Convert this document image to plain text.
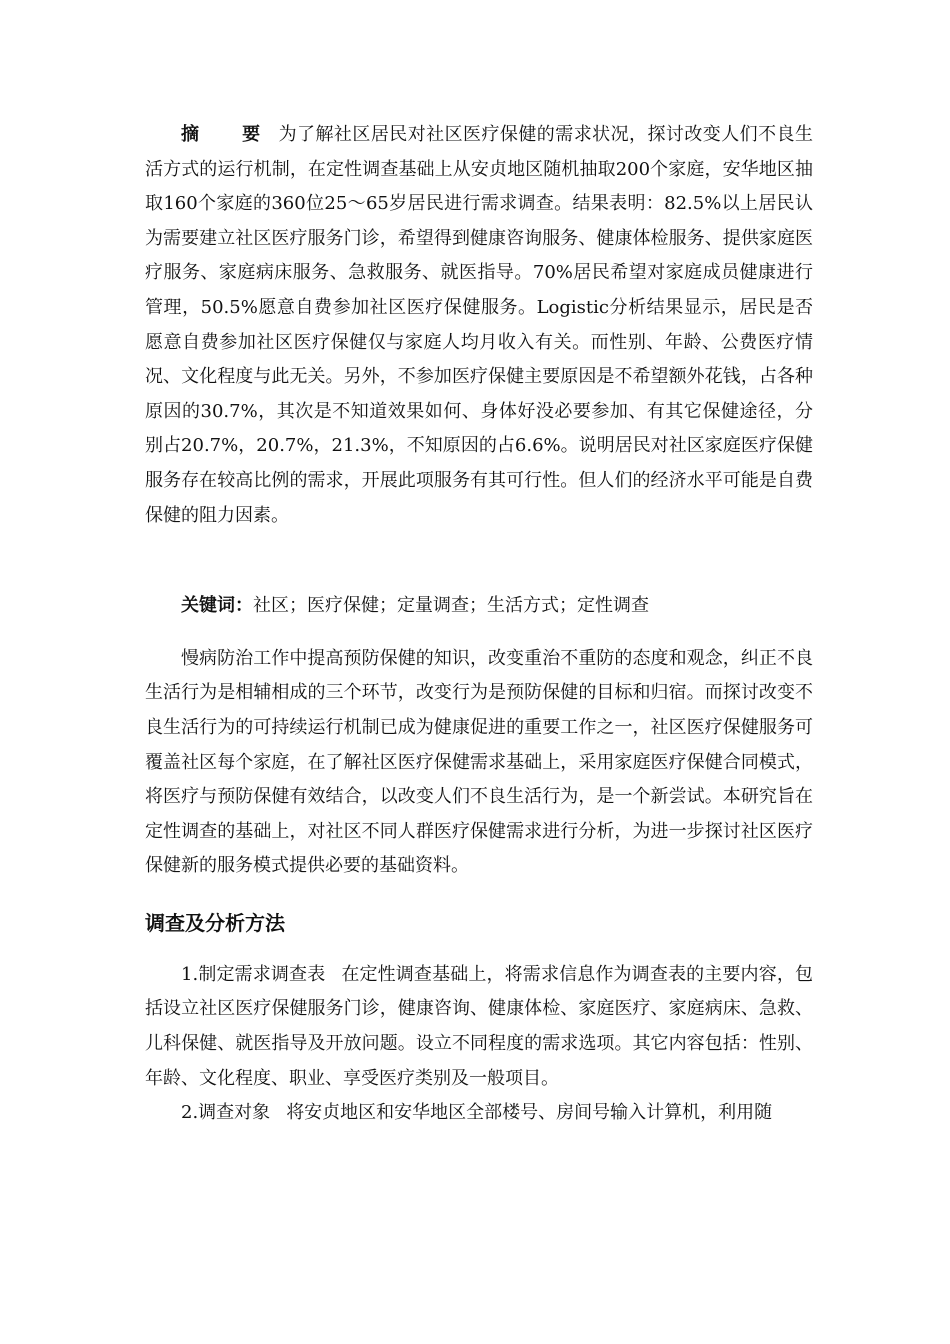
摘 要为了解社区居民对社区医疗保健的需求状况，探讨改变人们不良生活方式的运行机制，在定性调查基础上从安贞地区随机抽取200个家庭，安华地区抽取160个家庭的360位25～65岁居民进行需求调查。结果表明：82.5%以上居民认为需要建立社区医疗服务门诊，希望得到健康咨询服务、健康体检服务、提供家庭医疗服务、家庭病床服务、急救服务、就医指导。70%居民希望对家庭成员健康进行管理，50.5%愿意自费参加社区医疗保健服务。Logistic分析结果显示，居民是否愿意自费参加社区医疗保健仅与家庭人均月收入有关。而性别、年龄、公费医疗情况、文化程度与此无关。另外，不参加医疗保健主要原因是不希望额外花钱，占各种原因的30.7%，其次是不知道效果如何、身体好没必要参加、有其它保健途径，分别占20.7%，20.7%，21.3%，不知原因的占6.6%。说明居民对社区家庭医疗保健服务存在较高比例的需求，开展此项服务有其可行性。但人们的经济水平可能是自费保健的阻力因素。

关键词：社区；医疗保健；定量调查；生活方式；定性调查

慢病防治工作中提高预防保健的知识，改变重治不重防的态度和观念，纠正不良生活行为是相辅相成的三个环节，改变行为是预防保健的目标和归宿。而探讨改变不良生活行为的可持续运行机制已成为健康促进的重要工作之一，社区医疗保健服务可覆盖社区每个家庭，在了解社区医疗保健需求基础上，采用家庭医疗保健合同模式，将医疗与预防保健有效结合，以改变人们不良生活行为，是一个新尝试。本研究旨在定性调查的基础上，对社区不同人群医疗保健需求进行分析，为进一步探讨社区医疗保健新的服务模式提供必要的基础资料。

调查及分析方法

1.制定需求调查表 在定性调查基础上，将需求信息作为调查表的主要内容，包括设立社区医疗保健服务门诊，健康咨询、健康体检、家庭医疗、家庭病床、急救、儿科保健、就医指导及开放问题。设立不同程度的需求选项。其它内容包括：性别、年龄、文化程度、职业、享受医疗类别及一般项目。

2.调查对象 将安贞地区和安华地区全部楼号、房间号输入计算机，利用随
